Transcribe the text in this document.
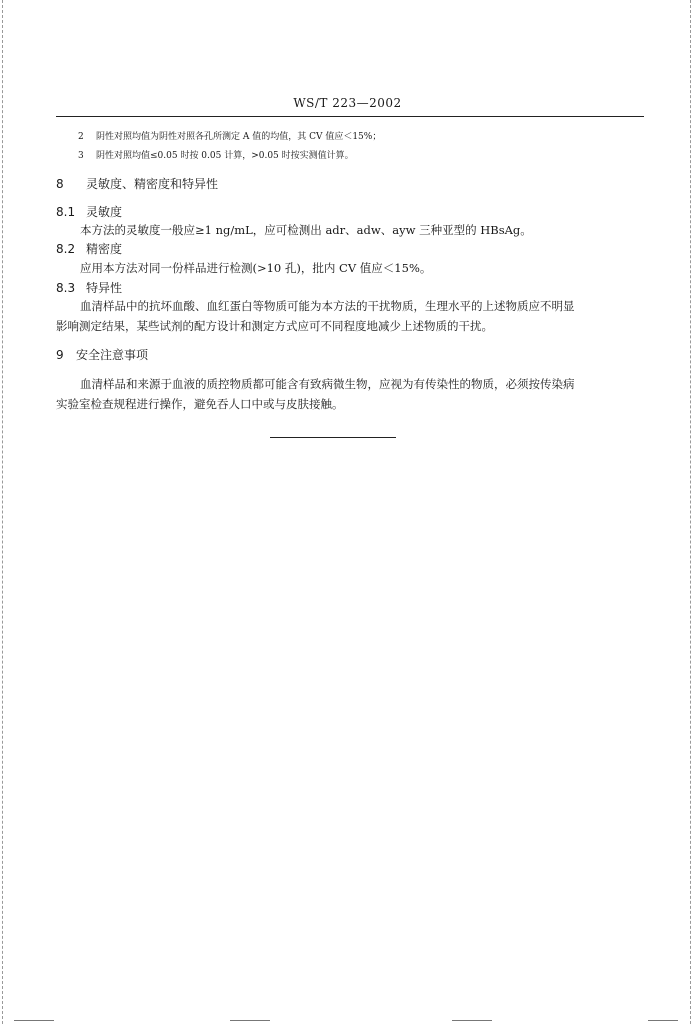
WS/T 223—2002
2 阴性对照均值为阴性对照各孔所测定 A 值的均值，其 CV 值应＜15%；
3 阴性对照均值≤0.05 时按 0.05 计算，>0.05 时按实测值计算。
8 灵敏度、精密度和特异性
8.1 灵敏度
本方法的灵敏度一般应≥1 ng/mL，应可检测出 adr、adw、ayw 三种亚型的 HBsAg。
8.2 精密度
应用本方法对同一份样品进行检测(>10 孔)，批内 CV 值应＜15%。
8.3 特异性
血清样品中的抗坏血酸、血红蛋白等物质可能为本方法的干扰物质，生理水平的上述物质应不明显
影响测定结果，某些试剂的配方设计和测定方式应可不同程度地减少上述物质的干扰。
9 安全注意事项
血清样品和来源于血液的质控物质都可能含有致病微生物，应视为有传染性的物质，必须按传染病
实验室检查规程进行操作，避免吞人口中或与皮肤接触。
